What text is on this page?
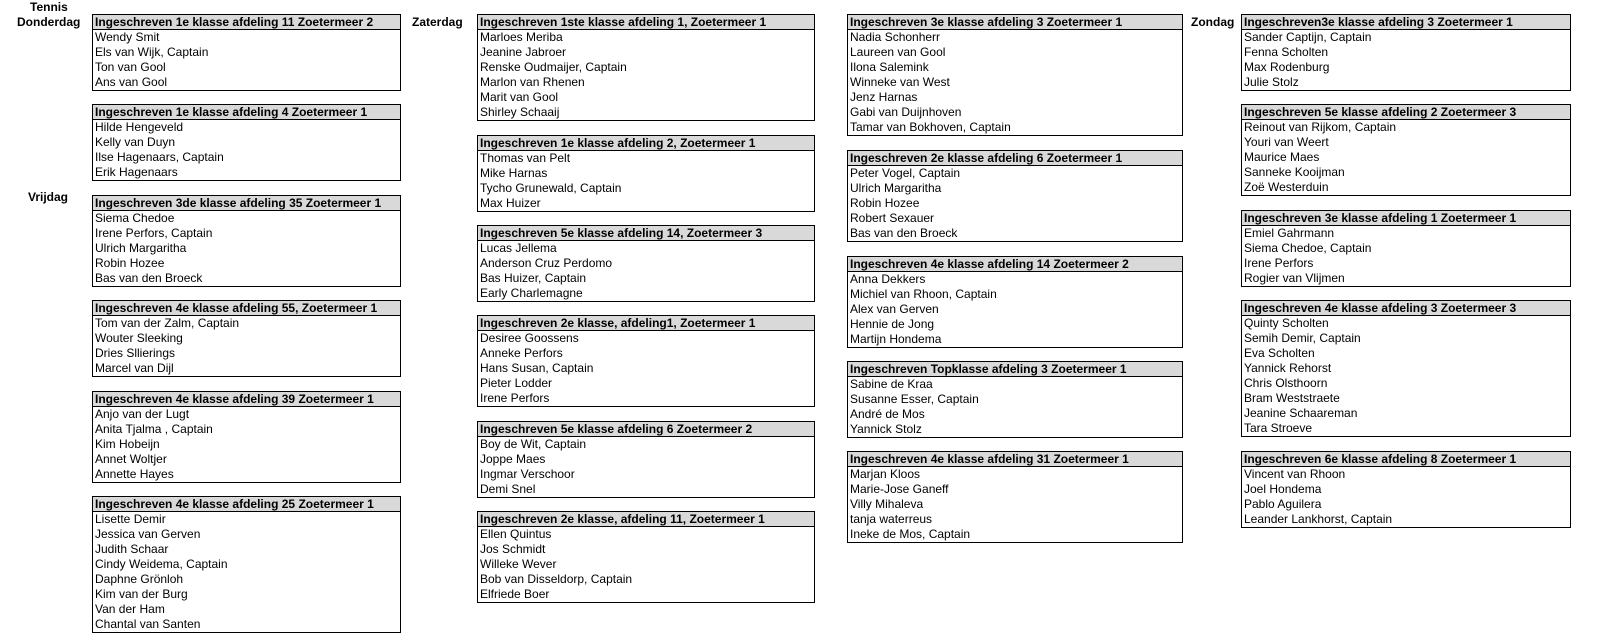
Tennis
Donderdag
Vrijdag
Zaterdag	Zondag
Ingeschreven 1e klasse afdeling 11 Zoetermeer 2
Wendy Smit
Els van Wijk, Captain
Ton van Gool
Ans van Gool
Ingeschreven 1e klasse afdeling 4 Zoetermeer 1
Hilde Hengeveld
Kelly van Duyn
Ilse Hagenaars, Captain
Erik Hagenaars
Ingeschreven 3de klasse afdeling 35 Zoetermeer 1
Siema Chedoe
Irene Perfors, Captain
Ulrich Margaritha
Robin Hozee
Bas van den Broeck
Ingeschreven 4e klasse afdeling 55, Zoetermeer 1
Tom van der Zalm, Captain
Wouter Sleeking
Dries Sllierings
Marcel van Dijl
Ingeschreven 4e klasse afdeling 39 Zoetermeer 1
Anjo van der Lugt
Anita Tjalma , Captain
Kim Hobeijn
Annet Woltjer
Annette Hayes
Ingeschreven 4e klasse afdeling 25 Zoetermeer 1
Lisette Demir
Jessica van Gerven
Judith Schaar
Cindy Weidema, Captain
Daphne Grönloh
Kim van der Burg
Van der Ham
Chantal van Santen
Ingeschreven 1ste klasse afdeling 1, Zoetermeer 1
Marloes Meriba
Jeanine Jabroer
Renske Oudmaijer, Captain
Marlon van Rhenen
Marit van Gool
Shirley Schaaij
Ingeschreven 1e klasse afdeling 2, Zoetermeer 1
Thomas van Pelt
Mike Harnas
Tycho Grunewald, Captain
Max Huizer
Ingeschreven 5e klasse afdeling 14, Zoetermeer 3
Lucas Jellema
Anderson Cruz Perdomo
Bas Huizer, Captain
Early Charlemagne
Ingeschreven 2e klasse, afdeling1, Zoetermeer 1
Desiree Goossens
Anneke Perfors
Hans Susan, Captain
Pieter Lodder
Irene Perfors
Ingeschreven 5e klasse afdeling 6 Zoetermeer 2
Boy de Wit, Captain
Joppe Maes
Ingmar Verschoor
Demi Snel
Ingeschreven 2e klasse, afdeling 11, Zoetermeer 1
Ellen Quintus
Jos Schmidt
Willeke Wever
Bob van Disseldorp, Captain
Elfriede Boer
Ingeschreven 3e klasse afdeling 3 Zoetermeer 1
Nadia Schonherr
Laureen van Gool
Ilona Salemink
Winneke van West
Jenz Harnas
Gabi van Duijnhoven
Tamar van Bokhoven, Captain
Ingeschreven 2e klasse afdeling 6 Zoetermeer 1
Peter Vogel, Captain
Ulrich Margaritha
Robin Hozee
Robert Sexauer
Bas van den Broeck
Ingeschreven 4e klasse afdeling 14 Zoetermeer 2
Anna Dekkers
Michiel van Rhoon, Captain
Alex van Gerven
Hennie de Jong
Martijn Hondema
Ingeschreven Topklasse afdeling 3 Zoetermeer 1
Sabine de Kraa
Susanne Esser, Captain
André de Mos
Yannick Stolz
Ingeschreven 4e klasse afdeling 31 Zoetermeer 1
Marjan Kloos
Marie-Jose Ganeff
Villy Mihaleva
tanja waterreus
Ineke de Mos, Captain
Ingeschreven3e klasse afdeling 3 Zoetermeer 1
Sander Captijn, Captain
Fenna Scholten
Max Rodenburg
Julie Stolz
Ingeschreven 5e klasse afdeling 2 Zoetermeer 3
Reinout van Rijkom, Captain
Youri van Weert
Maurice Maes
Sanneke Kooijman
Zoë Westerduin
Ingeschreven 3e klasse afdeling 1 Zoetermeer 1
Emiel Gahrmann
Siema Chedoe, Captain
Irene Perfors
Rogier van Vlijmen
Ingeschreven 4e klasse afdeling 3 Zoetermeer 3
Quinty Scholten
Semih Demir, Captain
Eva Scholten
Yannick Rehorst
Chris Olsthoorn
Bram Weststraete
Jeanine Schaareman
Tara Stroeve
Ingeschreven 6e klasse afdeling 8 Zoetermeer 1
Vincent van Rhoon
Joel Hondema
Pablo Aguilera
Leander Lankhorst, Captain
